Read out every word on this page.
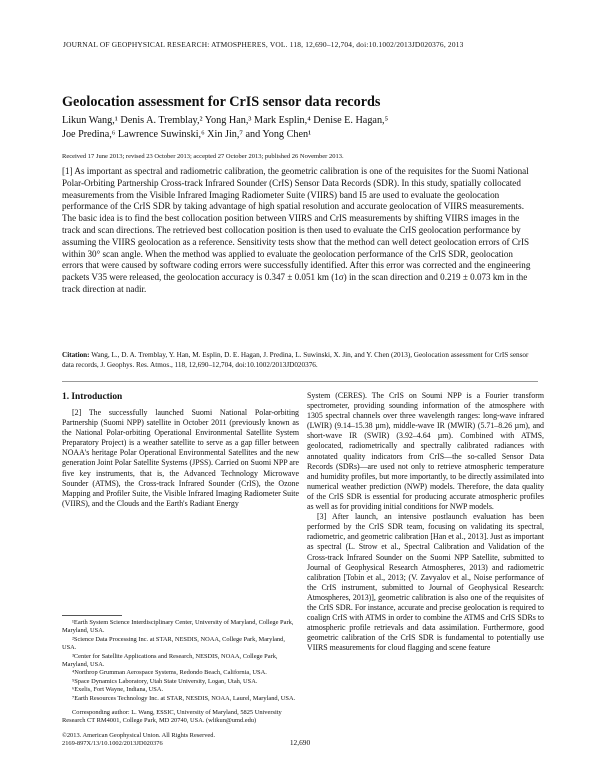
JOURNAL OF GEOPHYSICAL RESEARCH: ATMOSPHERES, VOL. 118, 12,690–12,704, doi:10.1002/2013JD020376, 2013
Geolocation assessment for CrIS sensor data records
Likun Wang,¹ Denis A. Tremblay,² Yong Han,³ Mark Esplin,⁴ Denise E. Hagan,⁵
Joe Predina,⁶ Lawrence Suwinski,⁶ Xin Jin,⁷ and Yong Chen¹
Received 17 June 2013; revised 23 October 2013; accepted 27 October 2013; published 26 November 2013.
[1] As important as spectral and radiometric calibration, the geometric calibration is one of the requisites for the Suomi National Polar-Orbiting Partnership Cross-track Infrared Sounder (CrIS) Sensor Data Records (SDR). In this study, spatially collocated measurements from the Visible Infrared Imaging Radiometer Suite (VIIRS) band I5 are used to evaluate the geolocation performance of the CrIS SDR by taking advantage of high spatial resolution and accurate geolocation of VIIRS measurements. The basic idea is to find the best collocation position between VIIRS and CrIS measurements by shifting VIIRS images in the track and scan directions. The retrieved best collocation position is then used to evaluate the CrIS geolocation performance by assuming the VIIRS geolocation as a reference. Sensitivity tests show that the method can well detect geolocation errors of CrIS within 30° scan angle. When the method was applied to evaluate the geolocation performance of the CrIS SDR, geolocation errors that were caused by software coding errors were successfully identified. After this error was corrected and the engineering packets V35 were released, the geolocation accuracy is 0.347 ± 0.051 km (1σ) in the scan direction and 0.219 ± 0.073 km in the track direction at nadir.
Citation: Wang, L., D. A. Tremblay, Y. Han, M. Esplin, D. E. Hagan, J. Predina, L. Suwinski, X. Jin, and Y. Chen (2013), Geolocation assessment for CrIS sensor data records, J. Geophys. Res. Atmos., 118, 12,690–12,704, doi:10.1002/2013JD020376.
1. Introduction

[2] The successfully launched Suomi National Polar-orbiting Partnership (Suomi NPP) satellite in October 2011 (previously known as the National Polar-orbiting Operational Environmental Satellite System Preparatory Project) is a weather satellite to serve as a gap filler between NOAA's heritage Polar Operational Environmental Satellites and the new generation Joint Polar Satellite Systems (JPSS). Carried on Suomi NPP are five key instruments, that is, the Advanced Technology Microwave Sounder (ATMS), the Cross-track Infrared Sounder (CrIS), the Ozone Mapping and Profiler Suite, the Visible Infrared Imaging Radiometer Suite (VIIRS), and the Clouds and the Earth's Radiant Energy

¹Earth System Science Interdisciplinary Center, University of Maryland, College Park, Maryland, USA.

²Science Data Processing Inc. at STAR, NESDIS, NOAA, College Park, Maryland, USA.

³Center for Satellite Applications and Research, NESDIS, NOAA, College Park, Maryland, USA.

⁴Northrop Grumman Aerospace Systems, Redondo Beach, California, USA.

⁵Space Dynamics Laboratory, Utah State University, Logan, Utah, USA.

⁶Exelis, Fort Wayne, Indiana, USA.

⁷Earth Resources Technology Inc. at STAR, NESDIS, NOAA, Laurel, Maryland, USA.

Corresponding author: L. Wang, ESSIC, University of Maryland, 5825 University Research CT RM4001, College Park, MD 20740, USA. (wlikun@umd.edu)

©2013. American Geophysical Union. All Rights Reserved.

2169-897X/13/10.1002/2013JD020376

System (CERES). The CrIS on Soumi NPP is a Fourier transform spectrometer, providing sounding information of the atmosphere with 1305 spectral channels over three wavelength ranges: long-wave infrared (LWIR) (9.14–15.38 µm), middle-wave IR (MWIR) (5.71–8.26 µm), and short-wave IR (SWIR) (3.92–4.64 µm). Combined with ATMS, geolocated, radiometrically and spectrally calibrated radiances with annotated quality indicators from CrIS—the so-called Sensor Data Records (SDRs)—are used not only to retrieve atmospheric temperature and humidity profiles, but more importantly, to be directly assimilated into numerical weather prediction (NWP) models. Therefore, the data quality of the CrIS SDR is essential for producing accurate atmospheric profiles as well as for providing initial conditions for NWP models.

[3] After launch, an intensive postlaunch evaluation has been performed by the CrIS SDR team, focusing on validating its spectral, radiometric, and geometric calibration [Han et al., 2013]. Just as important as spectral (L. Strow et al., Spectral Calibration and Validation of the Cross-track Infrared Sounder on the Suomi NPP Satellite, submitted to Journal of Geophysical Research Atmospheres, 2013) and radiometric calibration [Tobin et al., 2013; (V. Zavyalov et al., Noise performance of the CrIS instrument, submitted to Journal of Geophysical Research: Atmospheres, 2013)], geometric calibration is also one of the requisites of the CrIS SDR. For instance, accurate and precise geolocation is required to coalign CrIS with ATMS in order to combine the ATMS and CrIS SDRs to atmospheric profile retrievals and data assimilation. Furthermore, good geometric calibration of the CrIS SDR is fundamental to potentially use VIIRS measurements for cloud flagging and scene feature

12,690
